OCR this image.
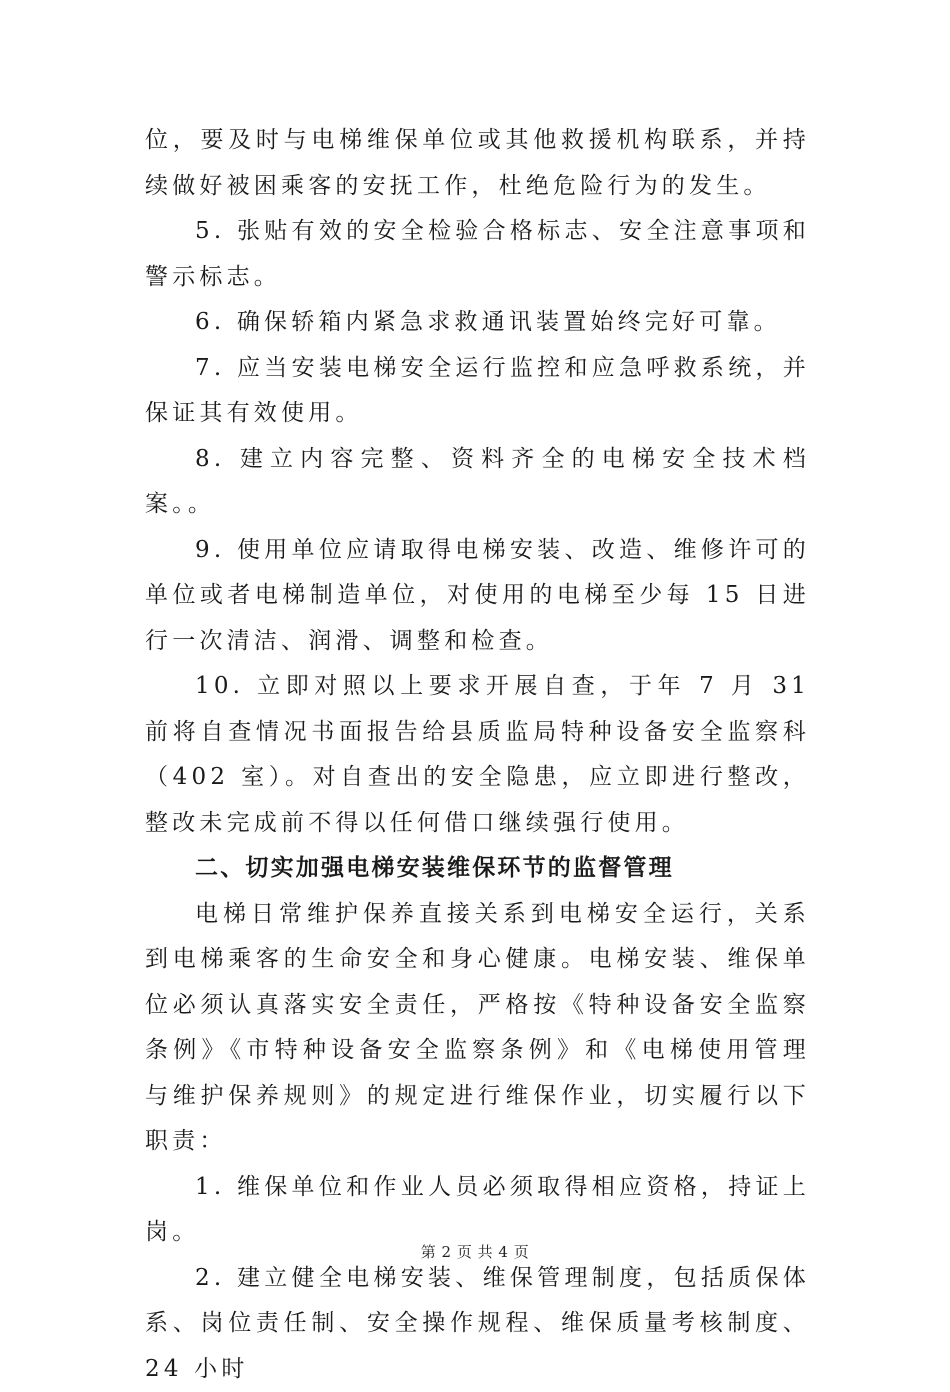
位，要及时与电梯维保单位或其他救援机构联系，并持续做好被困乘客的安抚工作，杜绝危险行为的发生。

5. 张贴有效的安全检验合格标志、安全注意事项和警示标志。

6. 确保轿箱内紧急求救通讯装置始终完好可靠。

7. 应当安装电梯安全运行监控和应急呼救系统，并保证其有效使用。

8. 建立内容完整、资料齐全的电梯安全技术档案。。

9. 使用单位应请取得电梯安装、改造、维修许可的单位或者电梯制造单位，对使用的电梯至少每 15 日进行一次清洁、润滑、调整和检查。

10. 立即对照以上要求开展自查，于年 7 月 31 前将自查情况书面报告给县质监局特种设备安全监察科（402 室）。对自查出的安全隐患，应立即进行整改，整改未完成前不得以任何借口继续强行使用。

二、切实加强电梯安装维保环节的监督管理

电梯日常维护保养直接关系到电梯安全运行，关系到电梯乘客的生命安全和身心健康。电梯安装、维保单位必须认真落实安全责任，严格按《特种设备安全监察条例》《市特种设备安全监察条例》和《电梯使用管理与维护保养规则》的规定进行维保作业，切实履行以下职责：

1. 维保单位和作业人员必须取得相应资格，持证上岗。

2. 建立健全电梯安装、维保管理制度，包括质保体系、岗位责任制、安全操作规程、维保质量考核制度、24 小时

第 2 页 共 4 页
